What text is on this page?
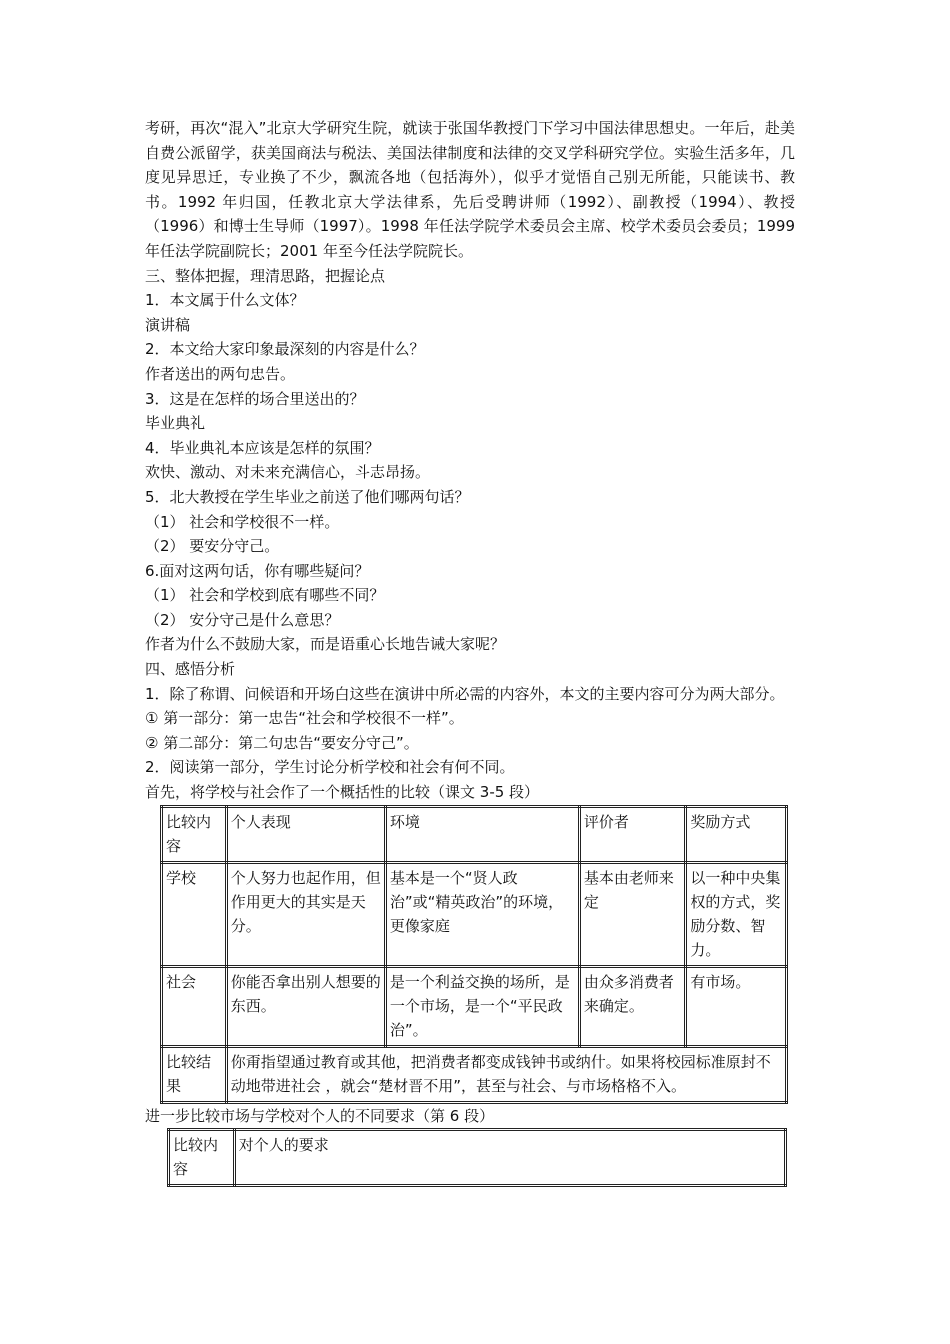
考研，再次“混入”北京大学研究生院，就读于张国华教授门下学习中国法律思想史。一年后，赴美自费公派留学，获美国商法与税法、美国法律制度和法律的交叉学科研究学位。实验生活多年，几度见异思迁，专业换了不少，飘流各地（包括海外），似乎才觉悟自己别无所能，只能读书、教书。1992 年归国，任教北京大学法律系，先后受聘讲师（1992）、副教授（1994）、教授（1996）和博士生导师（1997）。1998 年任法学院学术委员会主席、校学术委员会委员；1999 年任法学院副院长；2001 年至今任法学院院长。
三、整体把握，理清思路，把握论点
1．本文属于什么文体？
演讲稿
2．本文给大家印象最深刻的内容是什么？
作者送出的两句忠告。
3．这是在怎样的场合里送出的？
毕业典礼
4．毕业典礼本应该是怎样的氛围？
欢快、激动、对未来充满信心，斗志昂扬。
5．北大教授在学生毕业之前送了他们哪两句话？
（1） 社会和学校很不一样。
（2） 要安分守己。
6.面对这两句话，你有哪些疑问？
（1） 社会和学校到底有哪些不同？
（2） 安分守己是什么意思？
作者为什么不鼓励大家，而是语重心长地告诫大家呢？
四、感悟分析
1．除了称谓、问候语和开场白这些在演讲中所必需的内容外，本文的主要内容可分为两大部分。
① 第一部分：第一忠告“社会和学校很不一样”。
② 第二部分：第二句忠告“要安分守己”。
2．阅读第一部分，学生讨论分析学校和社会有何不同。
首先，将学校与社会作了一个概括性的比较（课文 3-5 段）
比较内容	个人表现	环境	评价者	奖励方式
学校	个人努力也起作用，但作用更大的其实是天分。	基本是一个“贤人政治”或“精英政治”的环境，更像家庭	基本由老师来定	以一种中央集权的方式，奖励分数、智力。
社会	你能否拿出别人想要的东西。	是一个利益交换的场所，是一个市场，是一个“平民政治”。	由众多消费者来确定。	有市场。
比较结果	你甭指望通过教育或其他，把消费者都变成钱钟书或纳什。如果将校园标准原封不动地带进社会 ，就会“楚材晋不用”，甚至与社会、与市场格格不入。			
进一步比较市场与学校对个人的不同要求（第 6 段）
比较内容	对个人的要求
